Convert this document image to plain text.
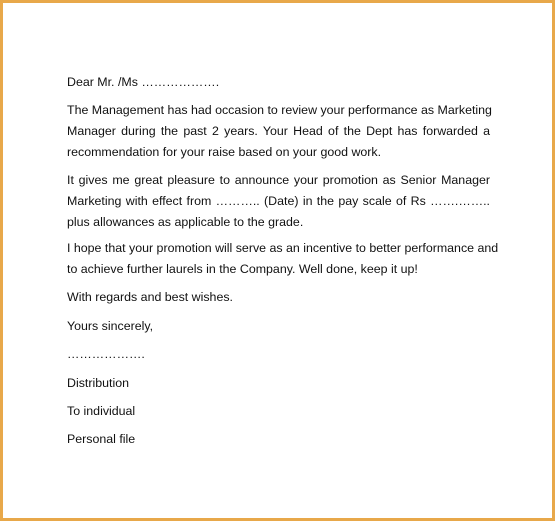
Dear Mr. /Ms ……………….

The Management has had occasion to review your performance as Marketing
Manager during the past 2 years. Your Head of the Dept has forwarded a
recommendation for your raise based on your good work.

It gives me great pleasure to announce your promotion as Senior Manager
Marketing with effect from ……….. (Date) in the pay scale of Rs …….……..
plus allowances as applicable to the grade.

I hope that your promotion will serve as an incentive to better performance and
to achieve further laurels in the Company. Well done, keep it up!

With regards and best wishes.

Yours sincerely,

……………….

Distribution

To individual

Personal file
